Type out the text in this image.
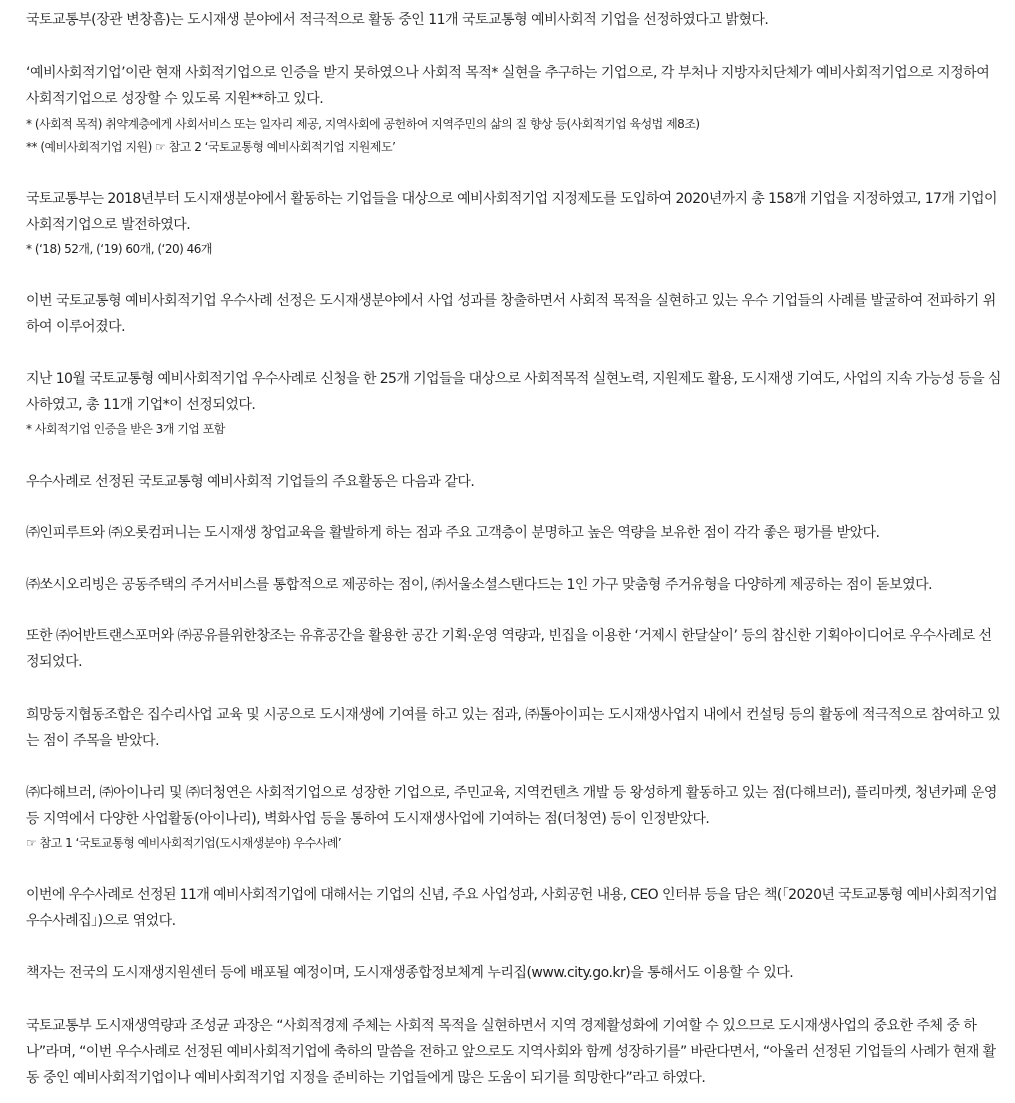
국토교통부(장관 변창흠)는 도시재생 분야에서 적극적으로 활동 중인 11개 국토교통형 예비사회적 기업을 선정하였다고 밝혔다.

‘예비사회적기업’이란 현재 사회적기업으로 인증을 받지 못하였으나 사회적 목적* 실현을 추구하는 기업으로, 각 부처나 지방자치단체가 예비사회적기업으로 지정하여

사회적기업으로 성장할 수 있도록 지원**하고 있다.

* (사회적 목적) 취약계층에게 사회서비스 또는 일자리 제공, 지역사회에 공헌하여 지역주민의 삶의 질 향상 등(사회적기업 육성법 제8조)

** (예비사회적기업 지원) ☞ 참고 2 ‘국토교통형 예비사회적기업 지원제도’

국토교통부는 2018년부터 도시재생분야에서 활동하는 기업들을 대상으로 예비사회적기업 지정제도를 도입하여 2020년까지 총 158개 기업을 지정하였고, 17개 기업이

사회적기업으로 발전하였다.

* (‘18) 52개, (‘19) 60개, (‘20) 46개

이번 국토교통형 예비사회적기업 우수사례 선정은 도시재생분야에서 사업 성과를 창출하면서 사회적 목적을 실현하고 있는 우수 기업들의 사례를 발굴하여 전파하기 위

하여 이루어졌다.

지난 10월 국토교통형 예비사회적기업 우수사례로 신청을 한 25개 기업들을 대상으로 사회적목적 실현노력, 지원제도 활용, 도시재생 기여도, 사업의 지속 가능성 등을 심

사하였고, 총 11개 기업*이 선정되었다.

* 사회적기업 인증을 받은 3개 기업 포함

우수사례로 선정된 국토교통형 예비사회적 기업들의 주요활동은 다음과 같다.

㈜인피루트와 ㈜오롯컴퍼니는 도시재생 창업교육을 활발하게 하는 점과 주요 고객층이 분명하고 높은 역량을 보유한 점이 각각 좋은 평가를 받았다.

㈜쏘시오리빙은 공동주택의 주거서비스를 통합적으로 제공하는 점이, ㈜서울소셜스탠다드는 1인 가구 맞춤형 주거유형을 다양하게 제공하는 점이 돋보였다.

또한 ㈜어반트랜스포머와 ㈜공유를위한창조는 유휴공간을 활용한 공간 기획·운영 역량과, 빈집을 이용한 ‘거제시 한달살이’ 등의 참신한 기획아이디어로 우수사례로 선

정되었다.

희망둥지협동조합은 집수리사업 교육 및 시공으로 도시재생에 기여를 하고 있는 점과, ㈜톨아이피는 도시재생사업지 내에서 컨설팅 등의 활동에 적극적으로 참여하고 있

는 점이 주목을 받았다.

㈜다해브러, ㈜아이나리 및 ㈜더청연은 사회적기업으로 성장한 기업으로, 주민교육, 지역컨텐츠 개발 등 왕성하게 활동하고 있는 점(다해브러), 플리마켓, 청년카페 운영

등 지역에서 다양한 사업활동(아이나리), 벽화사업 등을 통하여 도시재생사업에 기여하는 점(더청연) 등이 인정받았다.

☞ 참고 1 ‘국토교통형 예비사회적기업(도시재생분야) 우수사례’

이번에 우수사례로 선정된 11개 예비사회적기업에 대해서는 기업의 신념, 주요 사업성과, 사회공헌 내용, CEO 인터뷰 등을 담은 책(「2020년 국토교통형 예비사회적기업

우수사례집」)으로 엮었다.

책자는 전국의 도시재생지원센터 등에 배포될 예정이며, 도시재생종합정보체계 누리집(www.city.go.kr)을 통해서도 이용할 수 있다.

국토교통부 도시재생역량과 조성균 과장은 “사회적경제 주체는 사회적 목적을 실현하면서 지역 경제활성화에 기여할 수 있으므로 도시재생사업의 중요한 주체 중 하

나”라며, “이번 우수사례로 선정된 예비사회적기업에 축하의 말씀을 전하고 앞으로도 지역사회와 함께 성장하기를” 바란다면서, “아울러 선정된 기업들의 사례가 현재 활

동 중인 예비사회적기업이나 예비사회적기업 지정을 준비하는 기업들에게 많은 도움이 되기를 희망한다”라고 하였다.
